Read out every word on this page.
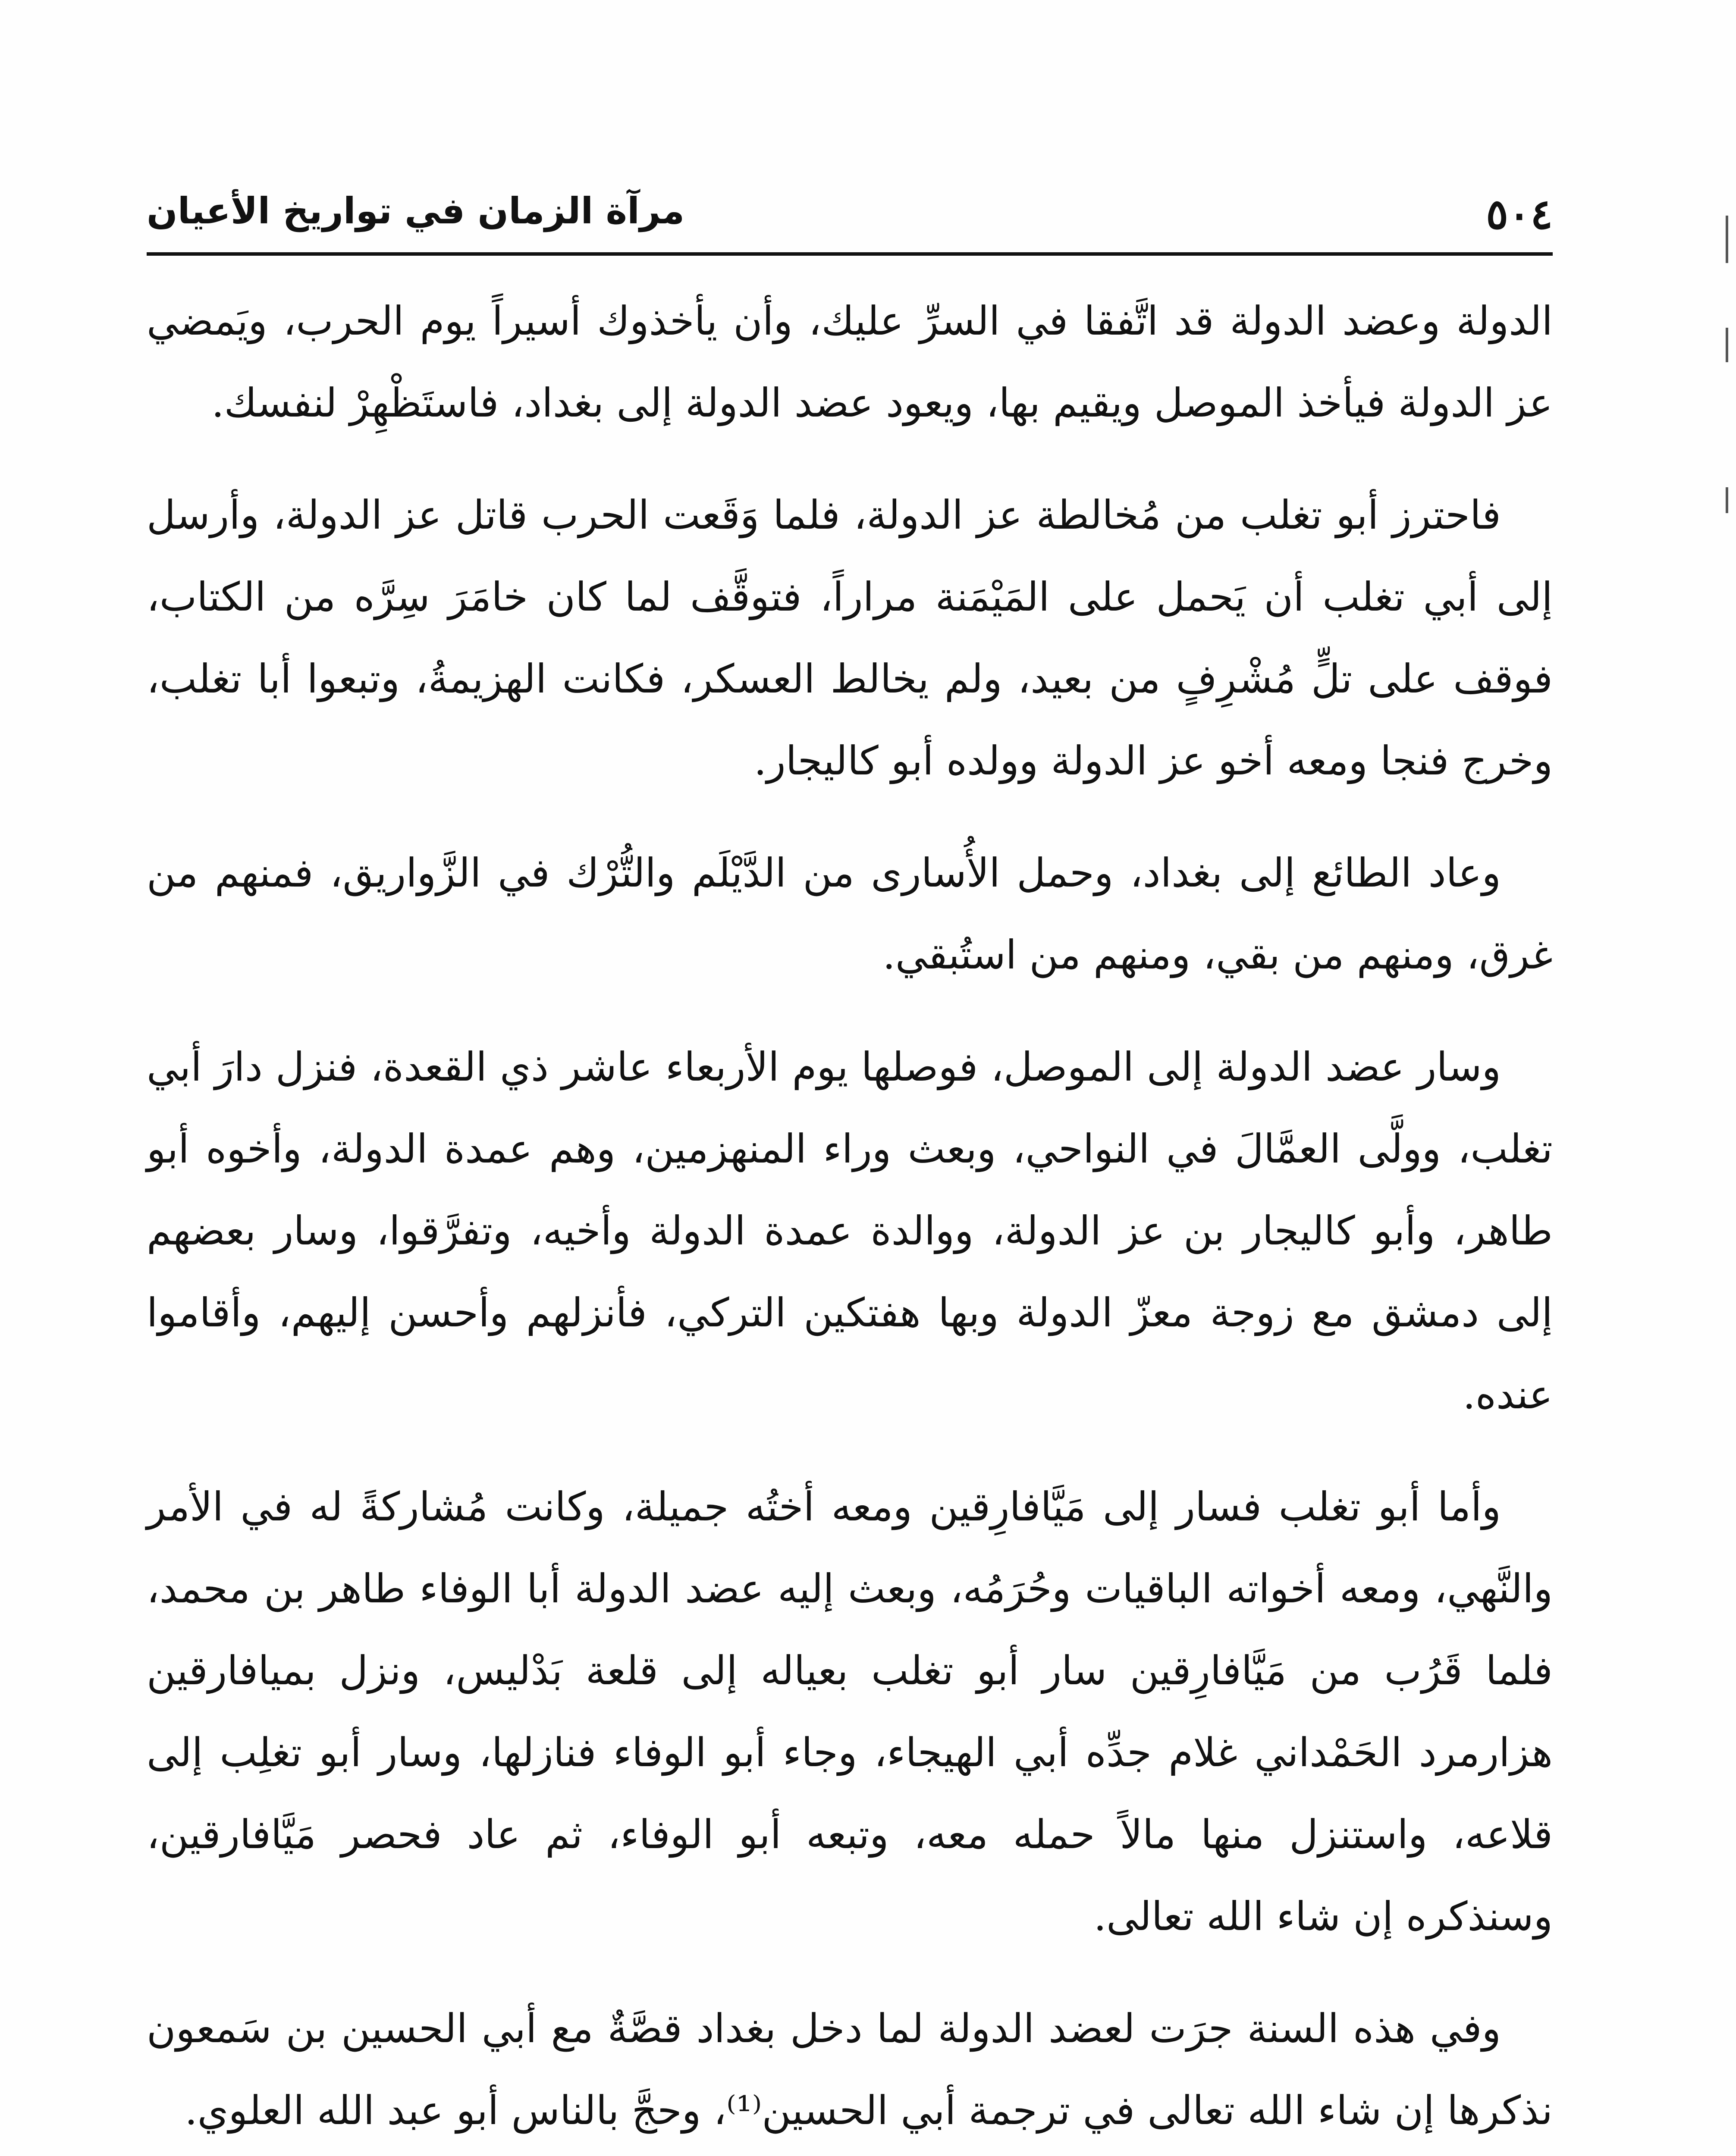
٥٠٤
مرآة الزمان في تواريخ الأعيان

الدولة وعضد الدولة قد اتَّفقا في السرِّ عليك، وأن يأخذوك أسيراً يوم الحرب، ويَمضي عز الدولة فيأخذ الموصل ويقيم بها، ويعود عضد الدولة إلى بغداد، فاستَظْهِرْ لنفسك.

فاحترز أبو تغلب من مُخالطة عز الدولة، فلما وَقَعت الحرب قاتل عز الدولة، وأرسل إلى أبي تغلب أن يَحمل على المَيْمَنة مراراً، فتوقَّف لما كان خامَرَ سِرَّه من الكتاب، فوقف على تلٍّ مُشْرِفٍ من بعيد، ولم يخالط العسكر، فكانت الهزيمةُ، وتبعوا أبا تغلب، وخرج فنجا ومعه أخو عز الدولة وولده أبو كاليجار.

وعاد الطائع إلى بغداد، وحمل الأُسارى من الدَّيْلَم والتُّرْك في الزَّواريق، فمنهم من غرق، ومنهم من بقي، ومنهم من استُبقي.

وسار عضد الدولة إلى الموصل، فوصلها يوم الأربعاء عاشر ذي القعدة، فنزل دارَ أبي تغلب، وولَّى العمَّالَ في النواحي، وبعث وراء المنهزمين، وهم عمدة الدولة، وأخوه أبو طاهر، وأبو كاليجار بن عز الدولة، ووالدة عمدة الدولة وأخيه، وتفرَّقوا، وسار بعضهم إلى دمشق مع زوجة معزّ الدولة وبها هفتكين التركي، فأنزلهم وأحسن إليهم، وأقاموا عنده.

وأما أبو تغلب فسار إلى مَيَّافارِقين ومعه أختُه جميلة، وكانت مُشاركةً له في الأمر والنَّهي، ومعه أخواته الباقيات وحُرَمُه، وبعث إليه عضد الدولة أبا الوفاء طاهر بن محمد، فلما قَرُب من مَيَّافارِقين سار أبو تغلب بعياله إلى قلعة بَدْليس، ونزل بميافارقين هزارمرد الحَمْداني غلام جدِّه أبي الهيجاء، وجاء أبو الوفاء فنازلها، وسار أبو تغلِب إلى قلاعه، واستنزل منها مالاً حمله معه، وتبعه أبو الوفاء، ثم عاد فحصر مَيَّافارقين، وسنذكره إن شاء الله تعالى.

وفي هذه السنة جرَت لعضد الدولة لما دخل بغداد قصَّةٌ مع أبي الحسين بن سَمعون نذكرها إن شاء الله تعالى في ترجمة أبي الحسين⁽¹⁾، وحجَّ بالناس أبو عبد الله العلوي.
